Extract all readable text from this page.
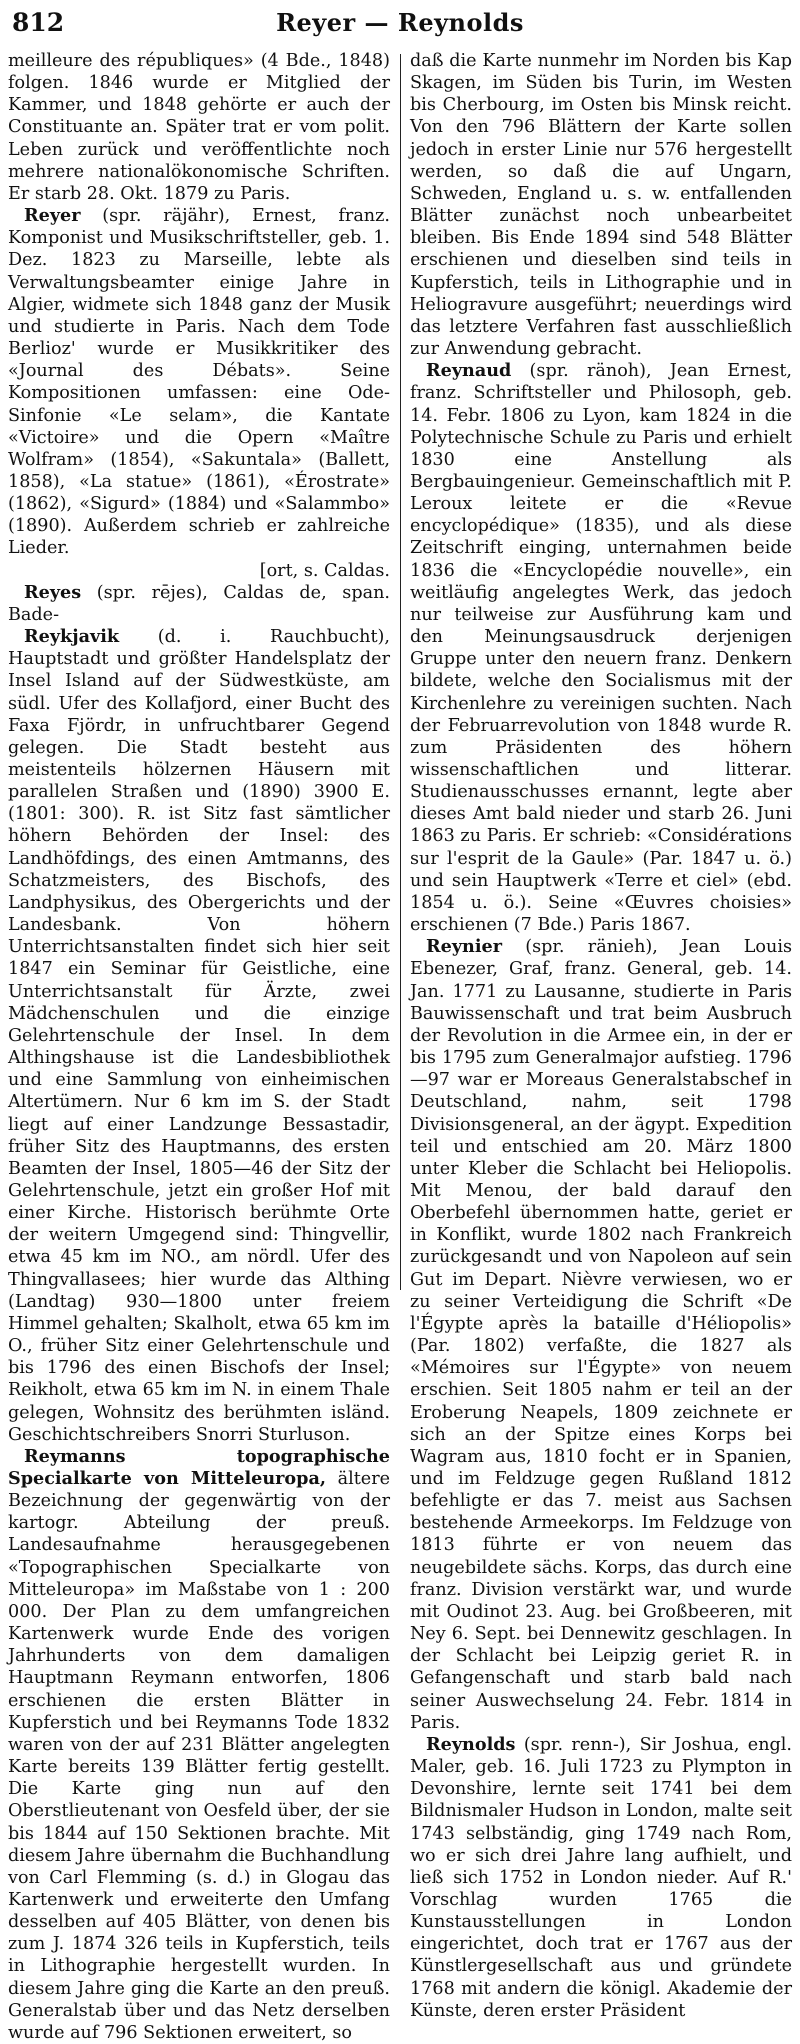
812	Reyer — Reynolds

meilleure des républiques» (4 Bde., 1848) folgen. 1846 wurde er Mitglied der Kammer, und 1848 gehörte er auch der Constituante an. Später trat er vom polit. Leben zurück und veröffentlichte noch mehrere nationalökonomische Schriften. Er starb 28. Okt. 1879 zu Paris.

Reyer (spr. räjähr), Ernest, franz. Komponist und Musikschriftsteller, geb. 1. Dez. 1823 zu Marseille, lebte als Verwaltungsbeamter einige Jahre in Algier, widmete sich 1848 ganz der Musik und studierte in Paris. Nach dem Tode Berlioz' wurde er Musikkritiker des «Journal des Débats». Seine Kompositionen umfassen: eine Ode-Sinfonie «Le selam», die Kantate «Victoire» und die Opern «Maître Wolfram» (1854), «Sakuntala» (Ballett, 1858), «La statue» (1861), «Érostrate» (1862), «Sigurd» (1884) und «Salammbo» (1890). Außerdem schrieb er zahlreiche Lieder.

[ort, s. Caldas.

Reyes (spr. rējes), Caldas de, span. Bade-

Reykjavik (d. i. Rauchbucht), Hauptstadt und größter Handelsplatz der Insel Island auf der Südwestküste, am südl. Ufer des Kollafjord, einer Bucht des Faxa Fjördr, in unfruchtbarer Gegend gelegen. Die Stadt besteht aus meistenteils hölzernen Häusern mit parallelen Straßen und (1890) 3900 E. (1801: 300). R. ist Sitz fast sämtlicher höhern Behörden der Insel: des Landhöfdings, des einen Amtmanns, des Schatzmeisters, des Bischofs, des Landphysikus, des Obergerichts und der Landesbank. Von höhern Unterrichtsanstalten findet sich hier seit 1847 ein Seminar für Geistliche, eine Unterrichtsanstalt für Ärzte, zwei Mädchenschulen und die einzige Gelehrtenschule der Insel. In dem Althingshause ist die Landesbibliothek und eine Sammlung von einheimischen Altertümern. Nur 6 km im S. der Stadt liegt auf einer Landzunge Bessastadir, früher Sitz des Hauptmanns, des ersten Beamten der Insel, 1805—46 der Sitz der Gelehrtenschule, jetzt ein großer Hof mit einer Kirche. Historisch berühmte Orte der weitern Umgegend sind: Thingvellir, etwa 45 km im NO., am nördl. Ufer des Thingvallasees; hier wurde das Althing (Landtag) 930—1800 unter freiem Himmel gehalten; Skalholt, etwa 65 km im O., früher Sitz einer Gelehrtenschule und bis 1796 des einen Bischofs der Insel; Reikholt, etwa 65 km im N. in einem Thale gelegen, Wohnsitz des berühmten isländ. Geschichtschreibers Snorri Sturluson.

Reymanns topographische Specialkarte von Mitteleuropa, ältere Bezeichnung der gegenwärtig von der kartogr. Abteilung der preuß. Landesaufnahme herausgegebenen «Topographischen Specialkarte von Mitteleuropa» im Maßstabe von 1 : 200 000. Der Plan zu dem umfangreichen Kartenwerk wurde Ende des vorigen Jahrhunderts von dem damaligen Hauptmann Reymann entworfen, 1806 erschienen die ersten Blätter in Kupferstich und bei Reymanns Tode 1832 waren von der auf 231 Blätter angelegten Karte bereits 139 Blätter fertig gestellt. Die Karte ging nun auf den Oberstlieutenant von Oesfeld über, der sie bis 1844 auf 150 Sektionen brachte. Mit diesem Jahre übernahm die Buchhandlung von Carl Flemming (s. d.) in Glogau das Kartenwerk und erweiterte den Umfang desselben auf 405 Blätter, von denen bis zum J. 1874 326 teils in Kupferstich, teils in Lithographie hergestellt wurden. In diesem Jahre ging die Karte an den preuß. Generalstab über und das Netz derselben wurde auf 796 Sektionen erweitert, so

daß die Karte nunmehr im Norden bis Kap Skagen, im Süden bis Turin, im Westen bis Cherbourg, im Osten bis Minsk reicht. Von den 796 Blättern der Karte sollen jedoch in erster Linie nur 576 hergestellt werden, so daß die auf Ungarn, Schweden, England u. s. w. entfallenden Blätter zunächst noch unbearbeitet bleiben. Bis Ende 1894 sind 548 Blätter erschienen und dieselben sind teils in Kupferstich, teils in Lithographie und in Heliogravure ausgeführt; neuerdings wird das letztere Verfahren fast ausschließlich zur Anwendung gebracht.

Reynaud (spr. ränoh), Jean Ernest, franz. Schriftsteller und Philosoph, geb. 14. Febr. 1806 zu Lyon, kam 1824 in die Polytechnische Schule zu Paris und erhielt 1830 eine Anstellung als Bergbauingenieur. Gemeinschaftlich mit P. Leroux leitete er die «Revue encyclopédique» (1835), und als diese Zeitschrift einging, unternahmen beide 1836 die «Encyclopédie nouvelle», ein weitläufig angelegtes Werk, das jedoch nur teilweise zur Ausführung kam und den Meinungsausdruck derjenigen Gruppe unter den neuern franz. Denkern bildete, welche den Socialismus mit der Kirchenlehre zu vereinigen suchten. Nach der Februarrevolution von 1848 wurde R. zum Präsidenten des höhern wissenschaftlichen und litterar. Studienausschusses ernannt, legte aber dieses Amt bald nieder und starb 26. Juni 1863 zu Paris. Er schrieb: «Considérations sur l'esprit de la Gaule» (Par. 1847 u. ö.) und sein Hauptwerk «Terre et ciel» (ebd. 1854 u. ö.). Seine «Œuvres choisies» erschienen (7 Bde.) Paris 1867.

Reynier (spr. ränieh), Jean Louis Ebenezer, Graf, franz. General, geb. 14. Jan. 1771 zu Lausanne, studierte in Paris Bauwissenschaft und trat beim Ausbruch der Revolution in die Armee ein, in der er bis 1795 zum Generalmajor aufstieg. 1796—97 war er Moreaus Generalstabschef in Deutschland, nahm, seit 1798 Divisionsgeneral, an der ägypt. Expedition teil und entschied am 20. März 1800 unter Kleber die Schlacht bei Heliopolis. Mit Menou, der bald darauf den Oberbefehl übernommen hatte, geriet er in Konflikt, wurde 1802 nach Frankreich zurückgesandt und von Napoleon auf sein Gut im Depart. Nièvre verwiesen, wo er zu seiner Verteidigung die Schrift «De l'Égypte après la bataille d'Héliopolis» (Par. 1802) verfaßte, die 1827 als «Mémoires sur l'Égypte» von neuem erschien. Seit 1805 nahm er teil an der Eroberung Neapels, 1809 zeichnete er sich an der Spitze eines Korps bei Wagram aus, 1810 focht er in Spanien, und im Feldzuge gegen Rußland 1812 befehligte er das 7. meist aus Sachsen bestehende Armeekorps. Im Feldzuge von 1813 führte er von neuem das neugebildete sächs. Korps, das durch eine franz. Division verstärkt war, und wurde mit Oudinot 23. Aug. bei Großbeeren, mit Ney 6. Sept. bei Dennewitz geschlagen. In der Schlacht bei Leipzig geriet R. in Gefangenschaft und starb bald nach seiner Auswechselung 24. Febr. 1814 in Paris.

Reynolds (spr. renn-), Sir Joshua, engl. Maler, geb. 16. Juli 1723 zu Plympton in Devonshire, lernte seit 1741 bei dem Bildnismaler Hudson in London, malte seit 1743 selbständig, ging 1749 nach Rom, wo er sich drei Jahre lang aufhielt, und ließ sich 1752 in London nieder. Auf R.' Vorschlag wurden 1765 die Kunstausstellungen in London eingerichtet, doch trat er 1767 aus der Künstlergesellschaft aus und gründete 1768 mit andern die königl. Akademie der Künste, deren erster Präsident
